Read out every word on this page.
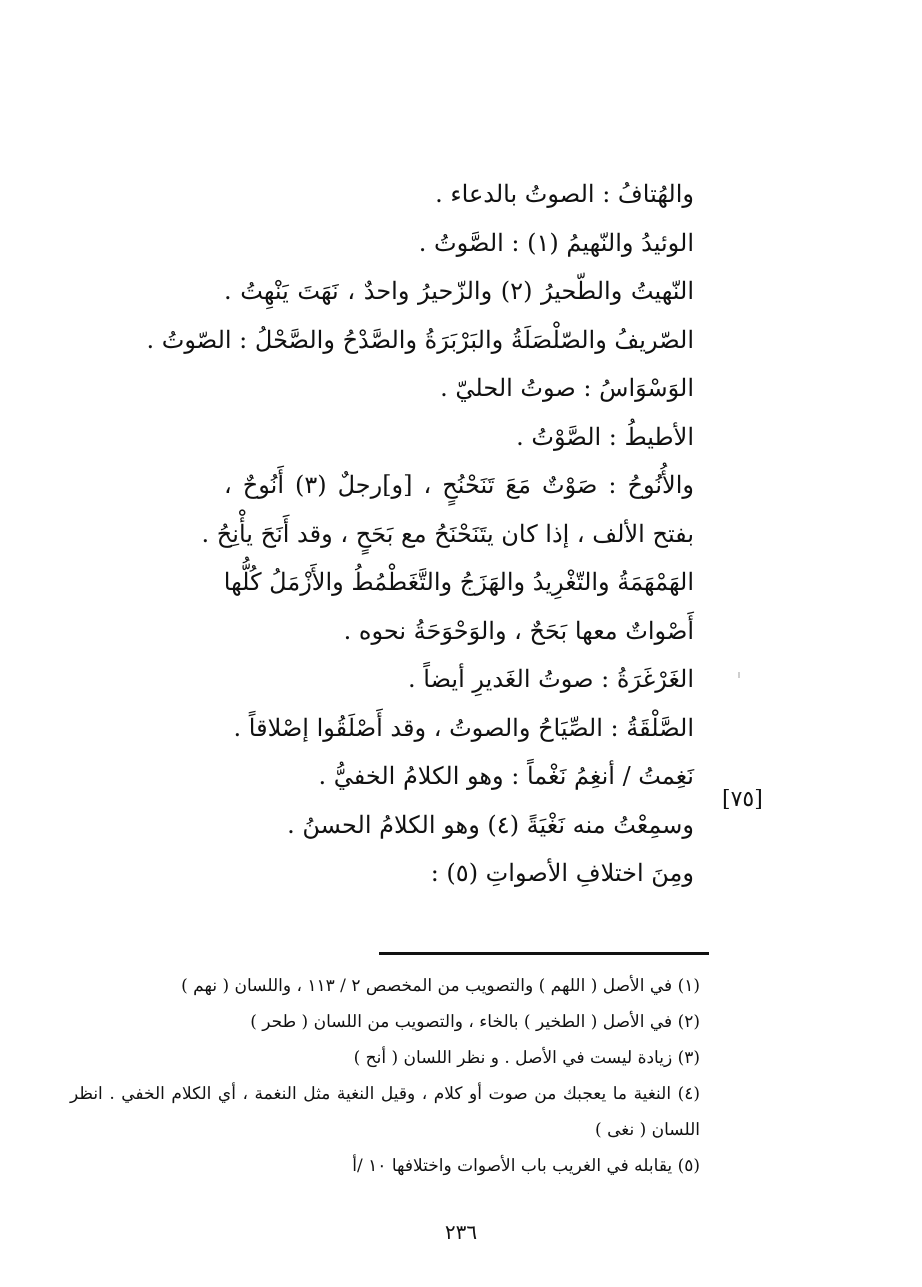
والهُتافُ : الصوتُ بالدعاء .
الوئيدُ والنّهيمُ (١) : الصَّوتُ .
النّهيتُ والطّحيرُ (٢) والزّحيرُ واحدٌ ، نَهَتَ يَنْهِتُ .
الصّريفُ والصّلْصَلَةُ والبَرْبَرَةُ والصَّدْحُ والصَّحْلُ : الصّوتُ .
الوَسْوَاسُ : صوتُ الحليّ .
الأطيطُ : الصَّوْتُ .
والأُنُوحُ : صَوْتٌ مَعَ تَنَحْنُحٍ ، [و]رجلٌ (٣) أَنُوحٌ ،
بفتح الألف ، إذا كان يتَنَحْنَحُ مع بَحَحٍ ، وقد أَنَحَ يأْنِحُ .
الهَمْهَمَةُ والتّغْرِيدُ والهَزَجُ والتَّغَطْمُطُ والأَزْمَلُ كُلُّها
أَصْواتٌ معها بَحَحٌ ، والوَحْوَحَةُ نحوه .
الغَرْغَرَةُ : صوتُ الغَديرِ أيضاً .
الصَّلْقَةُ : الصِّيَاحُ والصوتُ ، وقد أَصْلَقُوا إصْلاقاً .
نَغِمتُ / أنغِمُ نَغْماً : وهو الكلامُ الخفيُّ .
وسمِعْتُ منه نَغْيَةً (٤) وهو الكلامُ الحسنُ .
ومِنَ اختلافِ الأصواتِ (٥) :
[٧٥]
(١) في الأصل ( اللهم ) والتصويب من المخصص ٢ / ١١٣ ، واللسان ( نهم )
(٢) في الأصل ( الطخير ) بالخاء ، والتصويب من اللسان ( طحر )
(٣) زيادة ليست في الأصل . و نظر اللسان ( أنح )
(٤) النغية ما يعجبك من صوت أو كلام ، وقيل النغية مثل النغمة ، أي الكلام الخفي . انظر اللسان ( نغى )
(٥) يقابله في الغريب باب الأصوات واختلافها ١٠ /أ
٢٣٦
